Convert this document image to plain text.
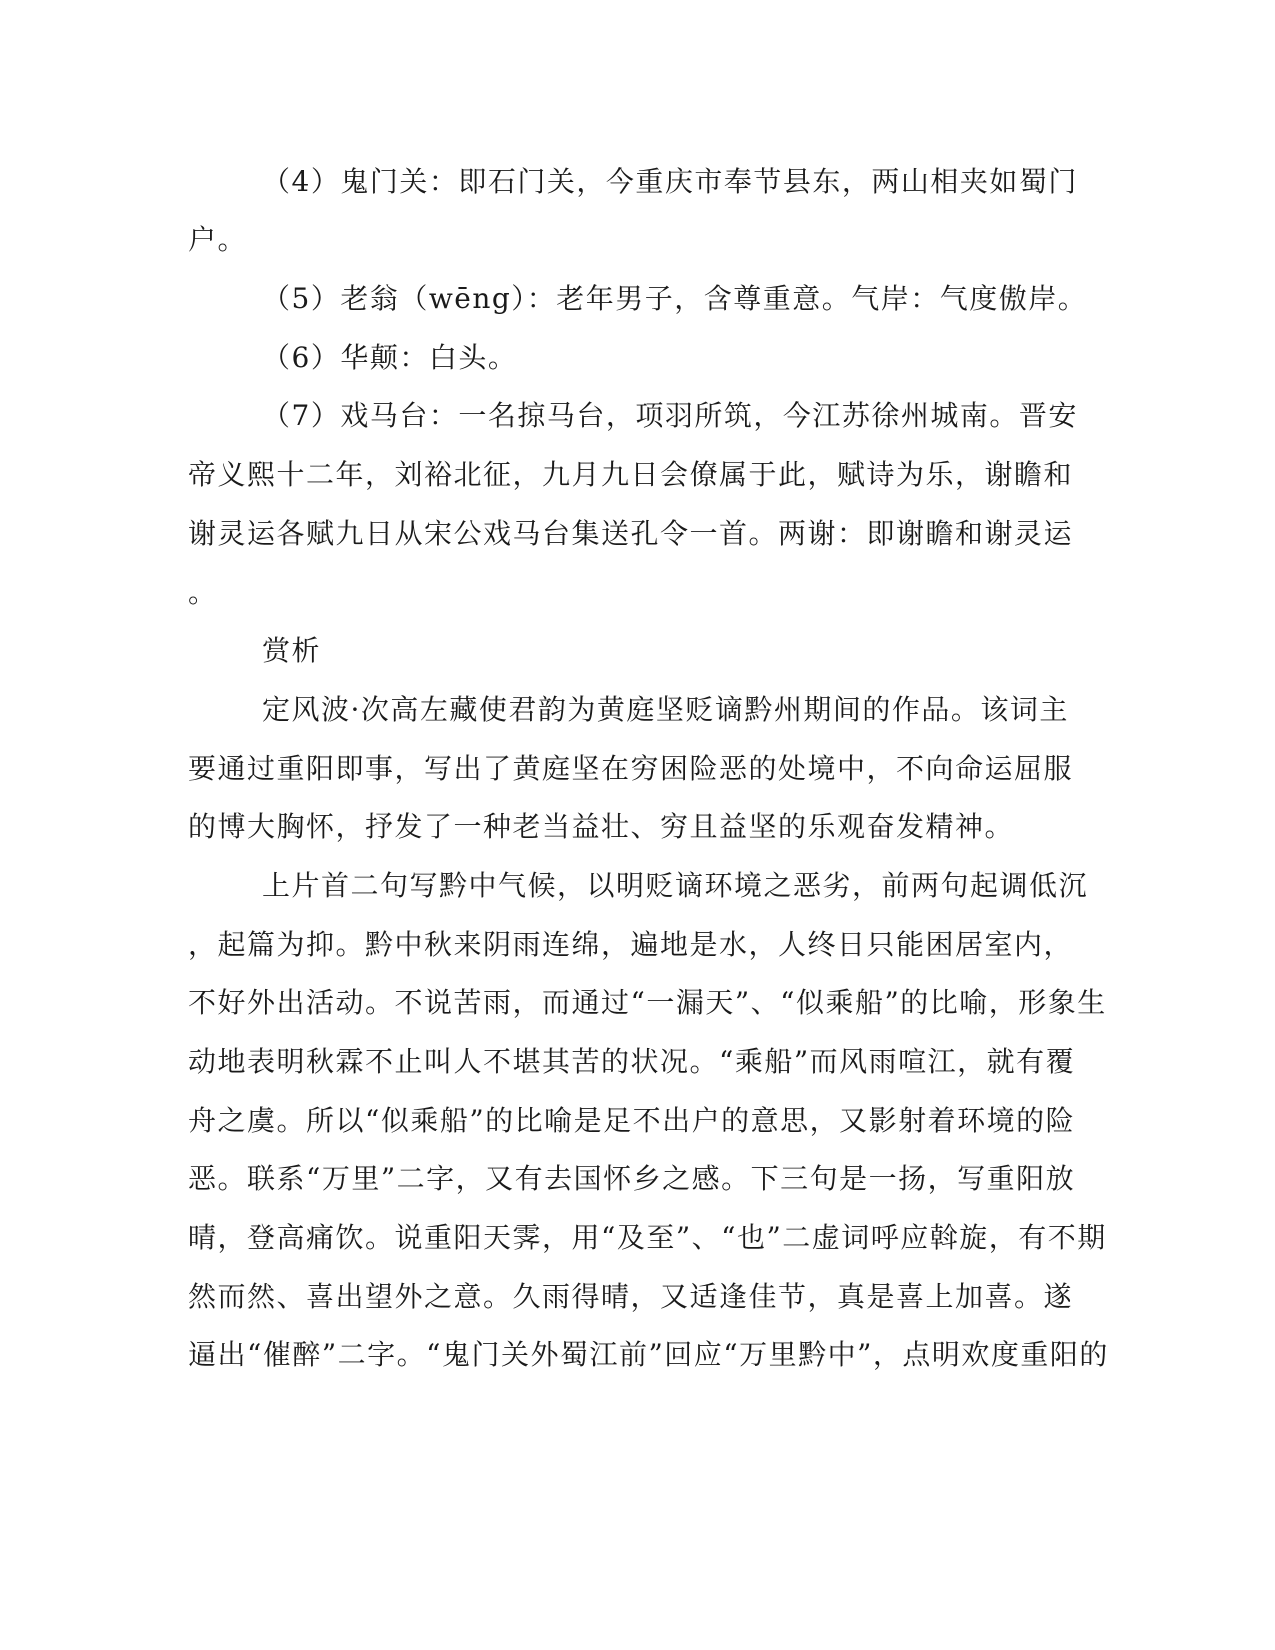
（4）鬼门关：即石门关，今重庆市奉节县东，两山相夹如蜀门
户。
（5）老翁（wēng）：老年男子，含尊重意。气岸：气度傲岸。
（6）华颠：白头。
（7）戏马台：一名掠马台，项羽所筑，今江苏徐州城南。晋安
帝义熙十二年，刘裕北征，九月九日会僚属于此，赋诗为乐，谢瞻和
谢灵运各赋九日从宋公戏马台集送孔令一首。两谢：即谢瞻和谢灵运
。
赏析
定风波·次高左藏使君韵为黄庭坚贬谪黔州期间的作品。该词主
要通过重阳即事，写出了黄庭坚在穷困险恶的处境中，不向命运屈服
的博大胸怀，抒发了一种老当益壮、穷且益坚的乐观奋发精神。
上片首二句写黔中气候，以明贬谪环境之恶劣，前两句起调低沉
，起篇为抑。黔中秋来阴雨连绵，遍地是水，人终日只能困居室内，
不好外出活动。不说苦雨，而通过“一漏天”、“似乘船”的比喻，形象生
动地表明秋霖不止叫人不堪其苦的状况。“乘船”而风雨喧江，就有覆
舟之虞。所以“似乘船”的比喻是足不出户的意思，又影射着环境的险
恶。联系“万里”二字，又有去国怀乡之感。下三句是一扬，写重阳放
晴，登高痛饮。说重阳天霁，用“及至”、“也”二虚词呼应斡旋，有不期
然而然、喜出望外之意。久雨得晴，又适逢佳节，真是喜上加喜。遂
逼出“催醉”二字。“鬼门关外蜀江前”回应“万里黔中”，点明欢度重阳的
